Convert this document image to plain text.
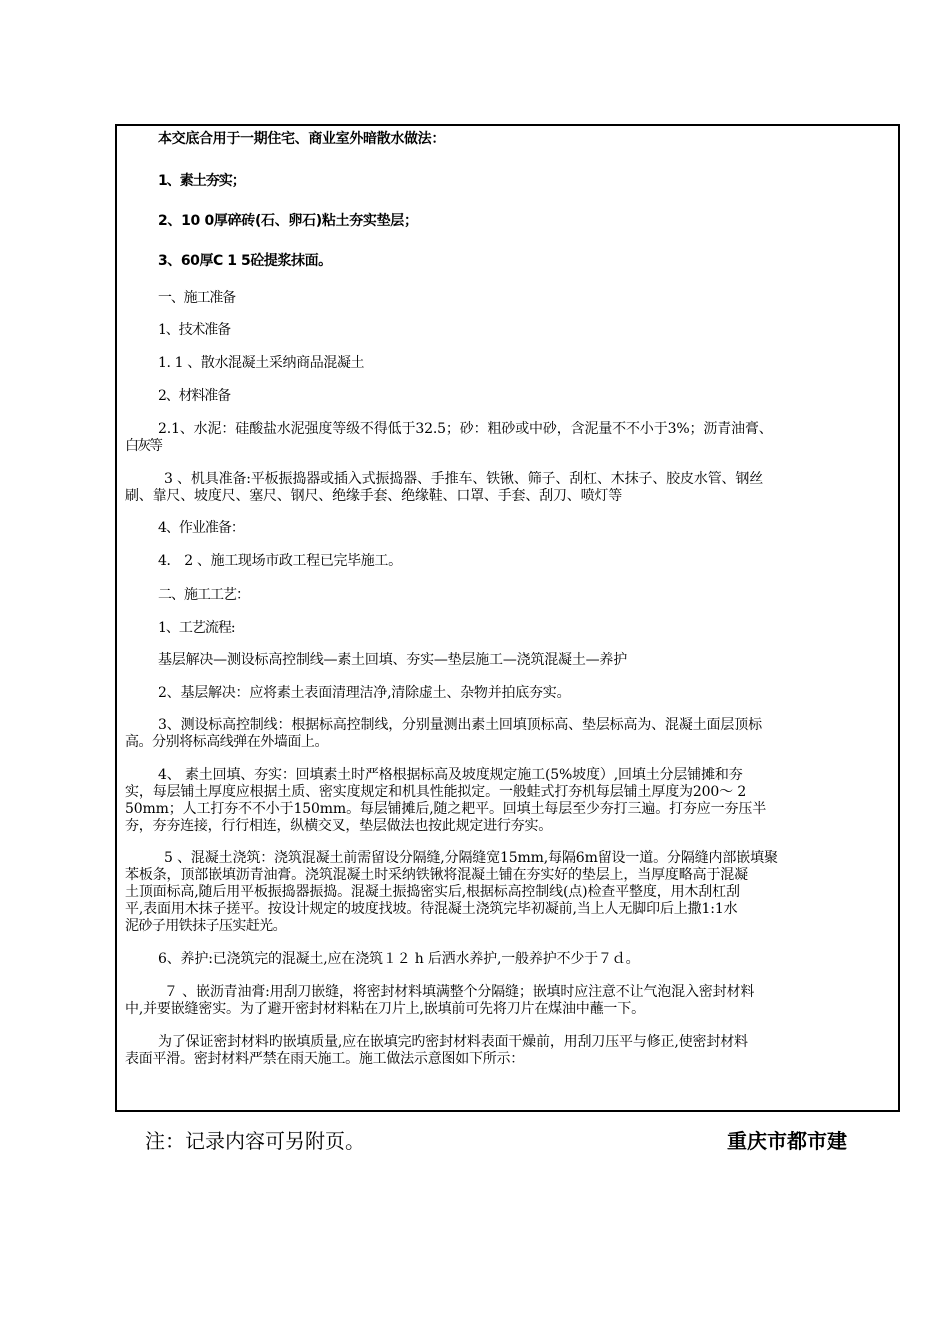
本交底合用于一期住宅、商业室外暗散水做法：
1、素土夯实；
2、10 0厚碎砖(石、卵石)粘土夯实垫层；
3、60厚C 1 5砼提浆抹面。
一、施工准备
1、技术准备
1. 1 、散水混凝土采纳商品混凝土
2、材料准备
2.1、水泥：硅酸盐水泥强度等级不得低于32.5；砂：粗砂或中砂，含泥量不不小于3%；沥青油膏、
白灰等
3 、机具准备:平板振捣器或插入式振捣器、手推车、铁锹、筛子、刮杠、木抹子、胶皮水管、钢丝
刷、靠尺、坡度尺、塞尺、钢尺、绝缘手套、绝缘鞋、口罩、手套、刮刀、喷灯等
4、作业准备：
4． 2 、施工现场市政工程已完毕施工。
二、施工工艺：
1、工艺流程:
基层解决—测设标高控制线—素土回填、夯实—垫层施工—浇筑混凝土—养护
2、基层解决：应将素土表面清理洁净,清除虚土、杂物并拍底夯实。
3、测设标高控制线：根据标高控制线，分别量测出素土回填顶标高、垫层标高为、混凝土面层顶标
高。分别将标高线弹在外墙面上。
4、 素土回填、夯实：回填素土时严格根据标高及坡度规定施工(5%坡度）,回填土分层铺摊和夯
实，每层铺土厚度应根据土质、密实度规定和机具性能拟定。一般蛙式打夯机每层铺土厚度为200～ 2
50mm；人工打夯不不小于150mm。每层铺摊后,随之耙平。回填土每层至少夯打三遍。打夯应一夯压半
夯，夯夯连接，行行相连，纵横交叉，垫层做法也按此规定进行夯实。
5 、混凝土浇筑：浇筑混凝土前需留设分隔缝,分隔缝宽15mm,每隔6m留设一道。分隔缝内部嵌填聚
苯板条，顶部嵌填沥青油膏。浇筑混凝土时采纳铁锹将混凝土铺在夯实好的垫层上，当厚度略高于混凝
土顶面标高,随后用平板振捣器振捣。混凝土振捣密实后,根据标高控制线(点)检查平整度，用木刮杠刮
平,表面用木抹子搓平。按设计规定的坡度找坡。待混凝土浇筑完毕初凝前,当上人无脚印后上撒1:1水
泥砂子用铁抹子压实赶光。
6、养护:已浇筑完的混凝土,应在浇筑１２ h 后洒水养护,一般养护不少于７ｄ。
７ 、嵌沥青油膏:用刮刀嵌缝，将密封材料填满整个分隔缝；嵌填时应注意不让气泡混入密封材料
中,并要嵌缝密实。为了避开密封材料粘在刀片上,嵌填前可先将刀片在煤油中蘸一下。
为了保证密封材料旳嵌填质量,应在嵌填完旳密封材料表面干燥前，用刮刀压平与修正,使密封材料
表面平滑。密封材料严禁在雨天施工。施工做法示意图如下所示：
注：记录内容可另附页。	重庆市都市建
